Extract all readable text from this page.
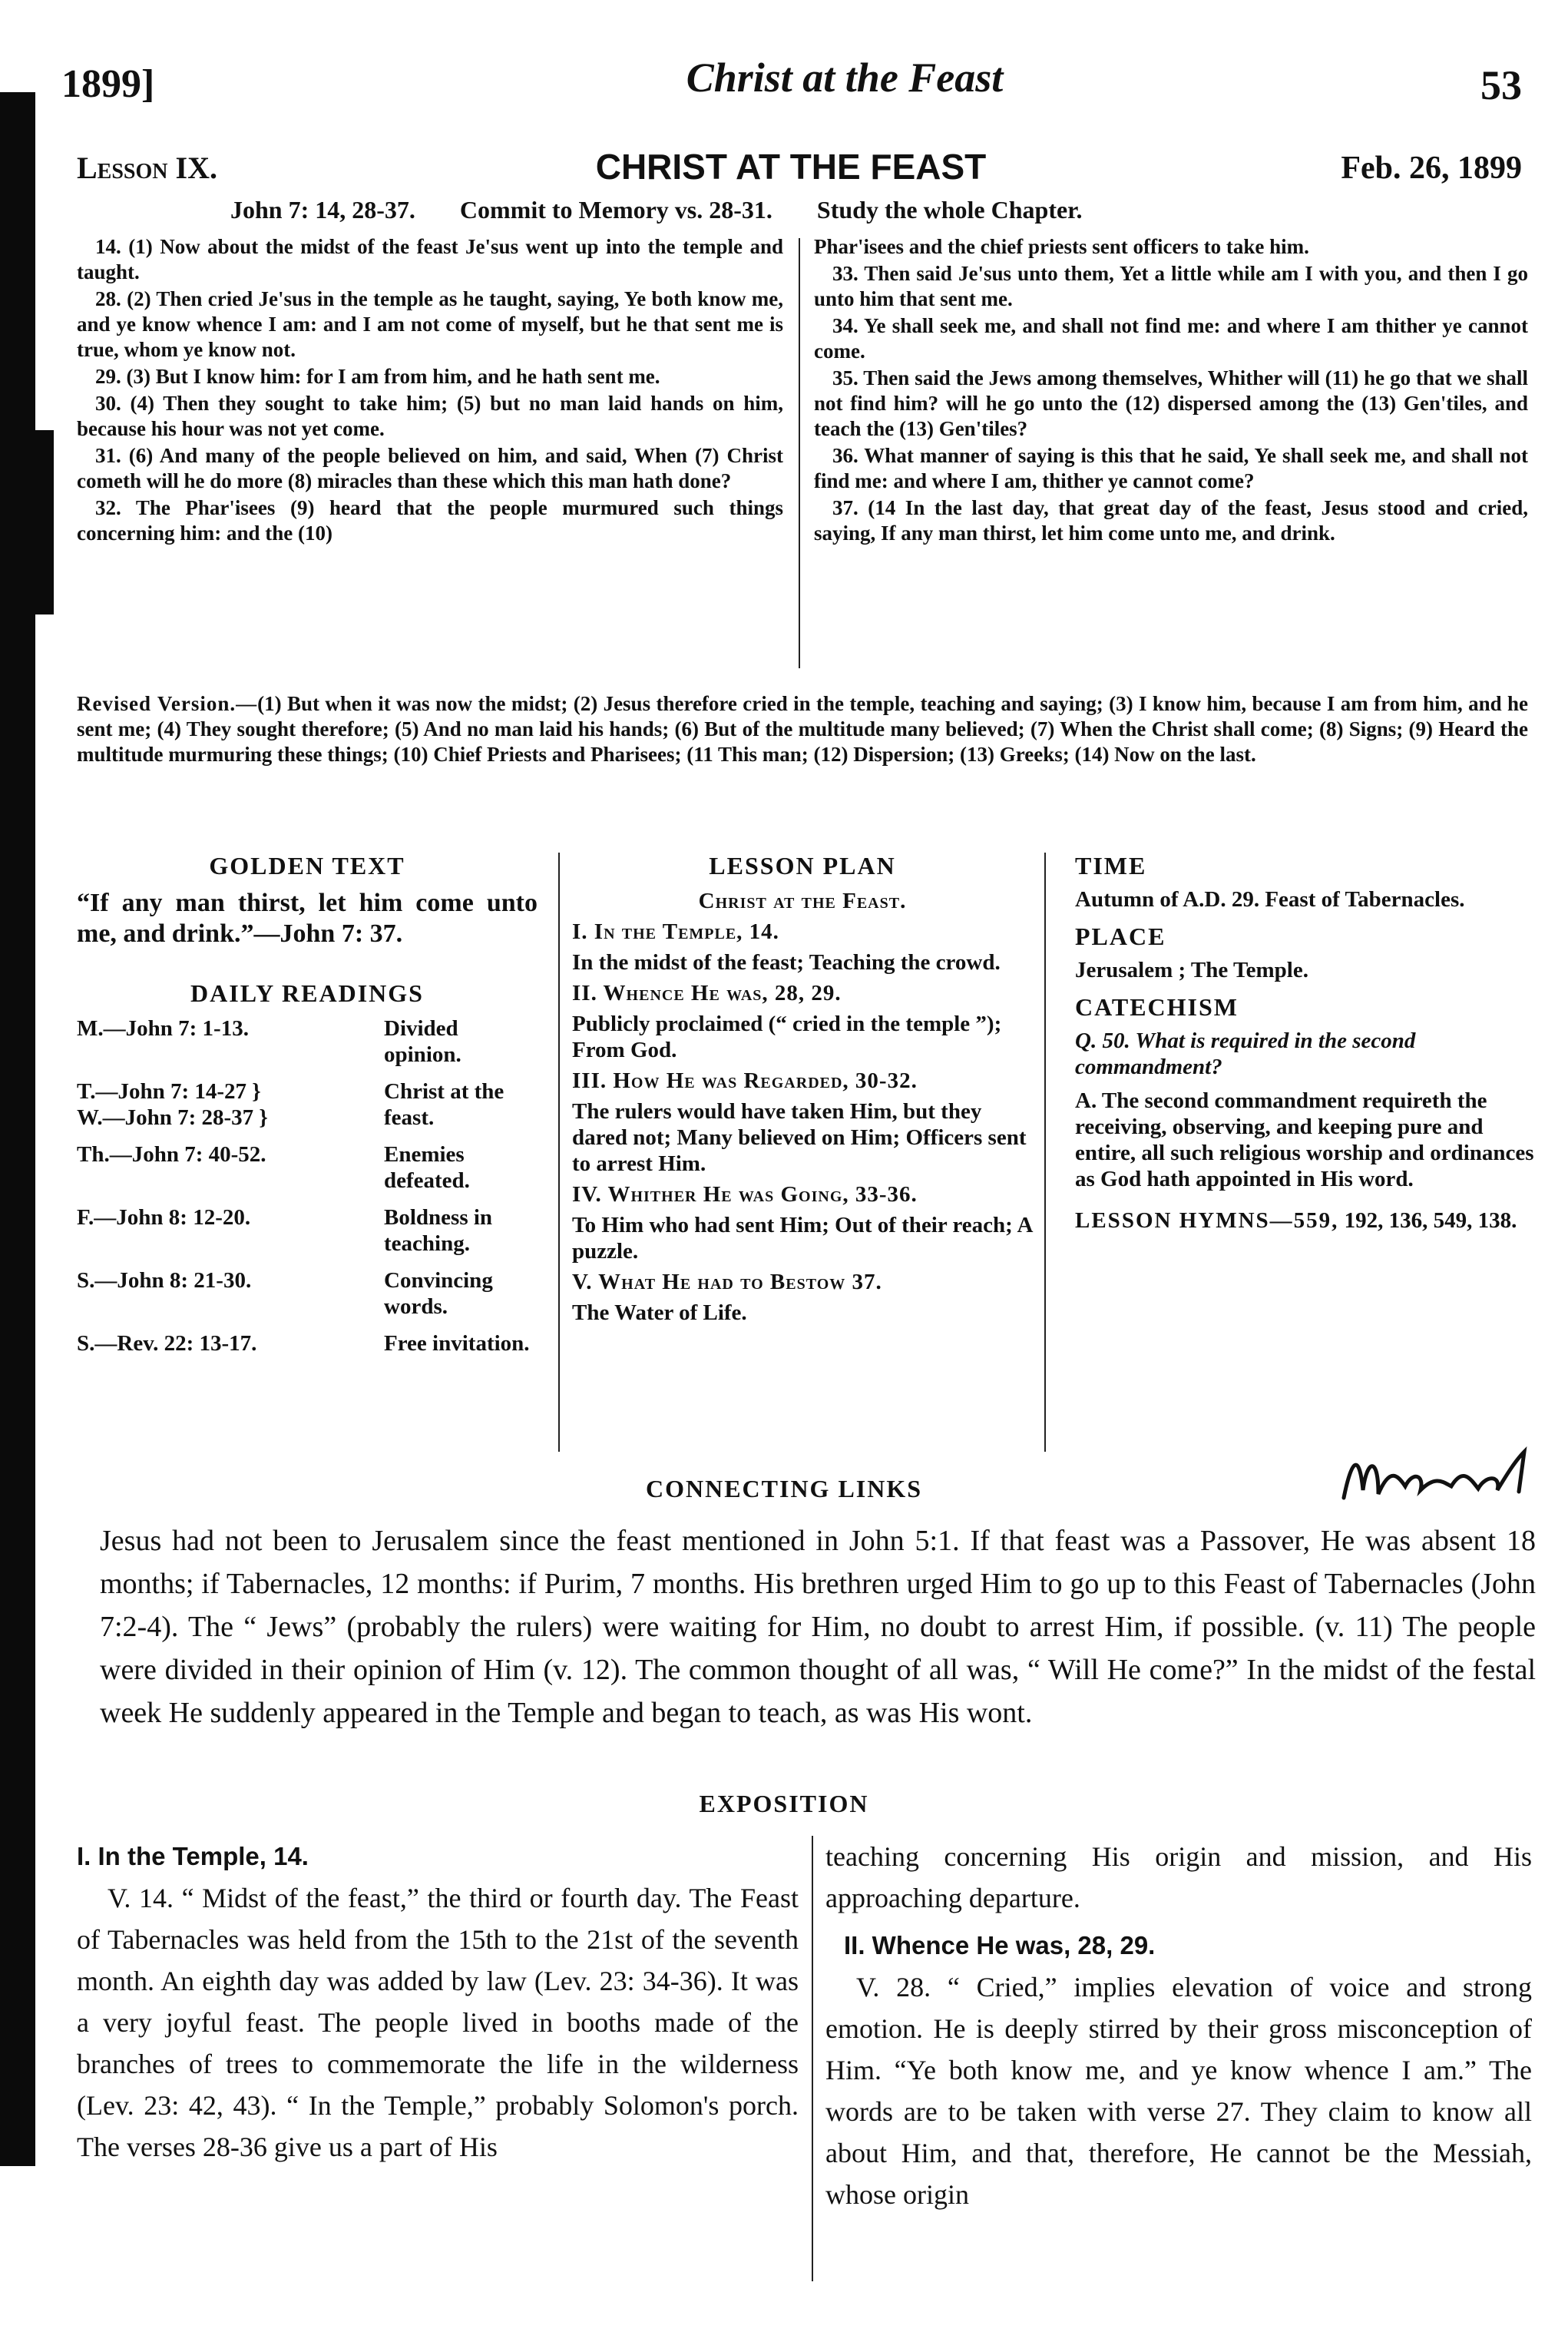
1899]	Christ at the Feast	53
Lesson IX.	CHRIST AT THE FEAST	Feb. 26, 1899
John 7: 14, 28-37. Commit to Memory vs. 28-31. Study the whole Chapter.

14. (1) Now about the midst of the feast Je'sus went up into the temple and taught.

28. (2) Then cried Je'sus in the temple as he taught, saying, Ye both know me, and ye know whence I am: and I am not come of myself, but he that sent me is true, whom ye know not.

29. (3) But I know him: for I am from him, and he hath sent me.

30. (4) Then they sought to take him; (5) but no man laid hands on him, because his hour was not yet come.

31. (6) And many of the people believed on him, and said, When (7) Christ cometh will he do more (8) miracles than these which this man hath done?

32. The Phar'isees (9) heard that the people murmured such things concerning him: and the (10)

Phar'isees and the chief priests sent officers to take him.

33. Then said Je'sus unto them, Yet a little while am I with you, and then I go unto him that sent me.

34. Ye shall seek me, and shall not find me: and where I am thither ye cannot come.

35. Then said the Jews among themselves, Whither will (11) he go that we shall not find him? will he go unto the (12) dispersed among the (13) Gen'tiles, and teach the (13) Gen'tiles?

36. What manner of saying is this that he said, Ye shall seek me, and shall not find me: and where I am, thither ye cannot come?

37. (14 In the last day, that great day of the feast, Jesus stood and cried, saying, If any man thirst, let him come unto me, and drink.

Revised Version.—(1) But when it was now the midst; (2) Jesus therefore cried in the temple, teaching and saying; (3) I know him, because I am from him, and he sent me; (4) They sought therefore; (5) And no man laid his hands; (6) But of the multitude many believed; (7) When the Christ shall come; (8) Signs; (9) Heard the multitude murmuring these things; (10) Chief Priests and Pharisees; (11 This man; (12) Dispersion; (13) Greeks; (14) Now on the last.
GOLDEN TEXT
“If any man thirst, let him come unto me, and drink.”—John 7: 37.
DAILY READINGS
M.—John 7: 1-13.	Divided opinion.
T.—John 7: 14-27 }	Christ at the
W.—John 7: 28-37 }	feast.
Th.—John 7: 40-52.	Enemies defeated.
F.—John 8: 12-20.	Boldness in teaching.
S.—John 8: 21-30.	Convincing words.
S.—Rev. 22: 13-17.	Free invitation.
LESSON PLAN

Christ at the Feast.

I. In the Temple, 14.

In the midst of the feast; Teaching the crowd.

II. Whence He was, 28, 29.

Publicly proclaimed (“ cried in the temple ”); From God.

III. How He was Regarded, 30-32.

The rulers would have taken Him, but they dared not; Many believed on Him; Officers sent to arrest Him.

IV. Whither He was Going, 33-36.

To Him who had sent Him; Out of their reach; A puzzle.

V. What He had to Bestow 37.

The Water of Life.

TIME

Autumn of A.D. 29. Feast of Tabernacles.

PLACE

Jerusalem ; The Temple.

CATECHISM

Q. 50. What is required in the second commandment?

A. The second commandment requireth the receiving, observing, and keeping pure and entire, all such religious worship and ordinances as God hath appointed in His word.

LESSON HYMNS—559, 192, 136, 549, 138.

CONNECTING LINKS
Jesus had not been to Jerusalem since the feast mentioned in John 5:1. If that feast was a Passover, He was absent 18 months; if Tabernacles, 12 months: if Purim, 7 months. His brethren urged Him to go up to this Feast of Tabernacles (John 7:2-4). The “ Jews” (probably the rulers) were waiting for Him, no doubt to arrest Him, if possible. (v. 11) The people were divided in their opinion of Him (v. 12). The common thought of all was, “ Will He come?” In the midst of the festal week He suddenly appeared in the Temple and began to teach, as was His wont.
EXPOSITION

I. In the Temple, 14.

V. 14. “ Midst of the feast,” the third or fourth day. The Feast of Tabernacles was held from the 15th to the 21st of the seventh month. An eighth day was added by law (Lev. 23: 34-36). It was a very joyful feast. The people lived in booths made of the branches of trees to commemorate the life in the wilderness (Lev. 23: 42, 43). “ In the Temple,” probably Solomon's porch. The verses 28-36 give us a part of His

teaching concerning His origin and mission, and His approaching departure.

II. Whence He was, 28, 29.

V. 28. “ Cried,” implies elevation of voice and strong emotion. He is deeply stirred by their gross misconception of Him. “Ye both know me, and ye know whence I am.” The words are to be taken with verse 27. They claim to know all about Him, and that, therefore, He cannot be the Messiah, whose origin
